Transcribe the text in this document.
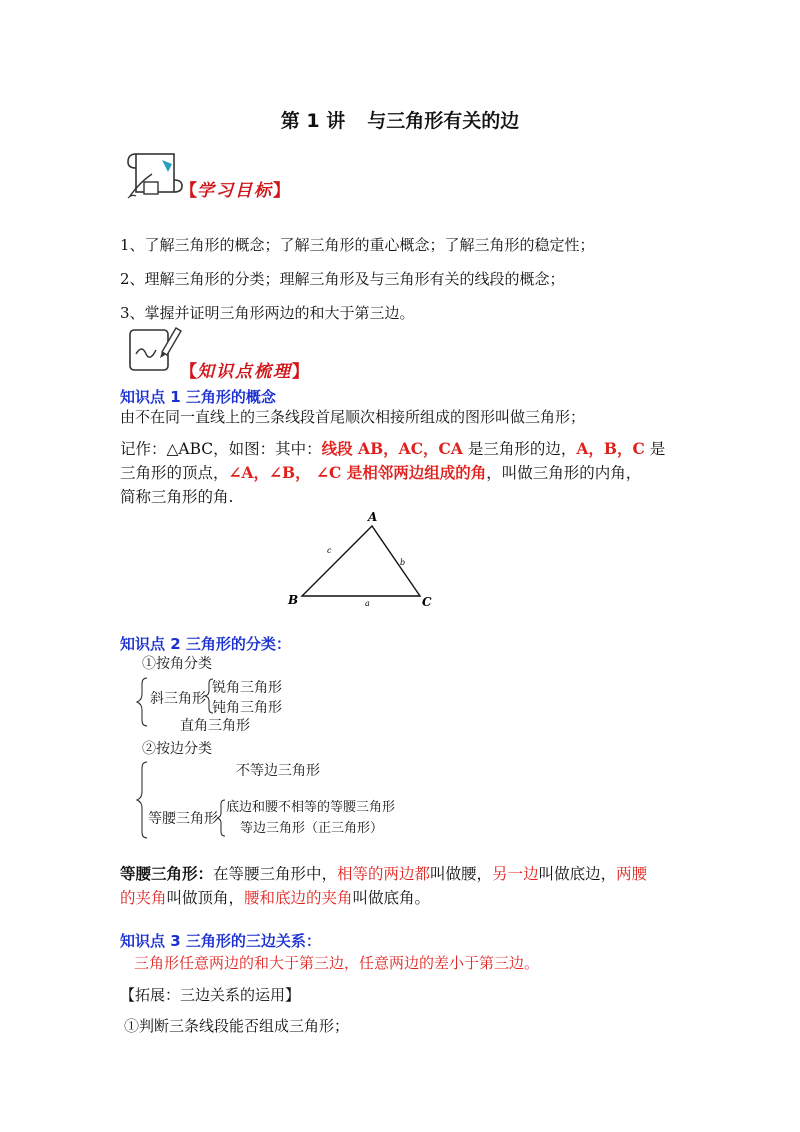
第 1 讲 与三角形有关的边
【学习目标】
1、了解三角形的概念；了解三角形的重心概念；了解三角形的稳定性；
2、理解三角形的分类；理解三角形及与三角形有关的线段的概念；
3、掌握并证明三角形两边的和大于第三边。
【知识点梳理】
知识点 1 三角形的概念
由不在同一直线上的三条线段首尾顺次相接所组成的图形叫做三角形；
记作：△ABC，如图：其中：线段 AB，AC，CA 是三角形的边，A，B，C 是
三角形的顶点，∠A，∠B， ∠C 是相邻两边组成的角，叫做三角形的内角，
简称三角形的角.
A
B	C
c
b
a
知识点 2 三角形的分类：
①按角分类
斜三角形
锐角三角形
钝角三角形
直角三角形
②按边分类
不等边三角形
等腰三角形
底边和腰不相等的等腰三角形
等边三角形（正三角形）
等腰三角形：在等腰三角形中，相等的两边都叫做腰，另一边叫做底边，两腰
的夹角叫做顶角，腰和底边的夹角叫做底角。
知识点 3 三角形的三边关系：
三角形任意两边的和大于第三边，任意两边的差小于第三边。
【拓展：三边关系的运用】
①判断三条线段能否组成三角形；
